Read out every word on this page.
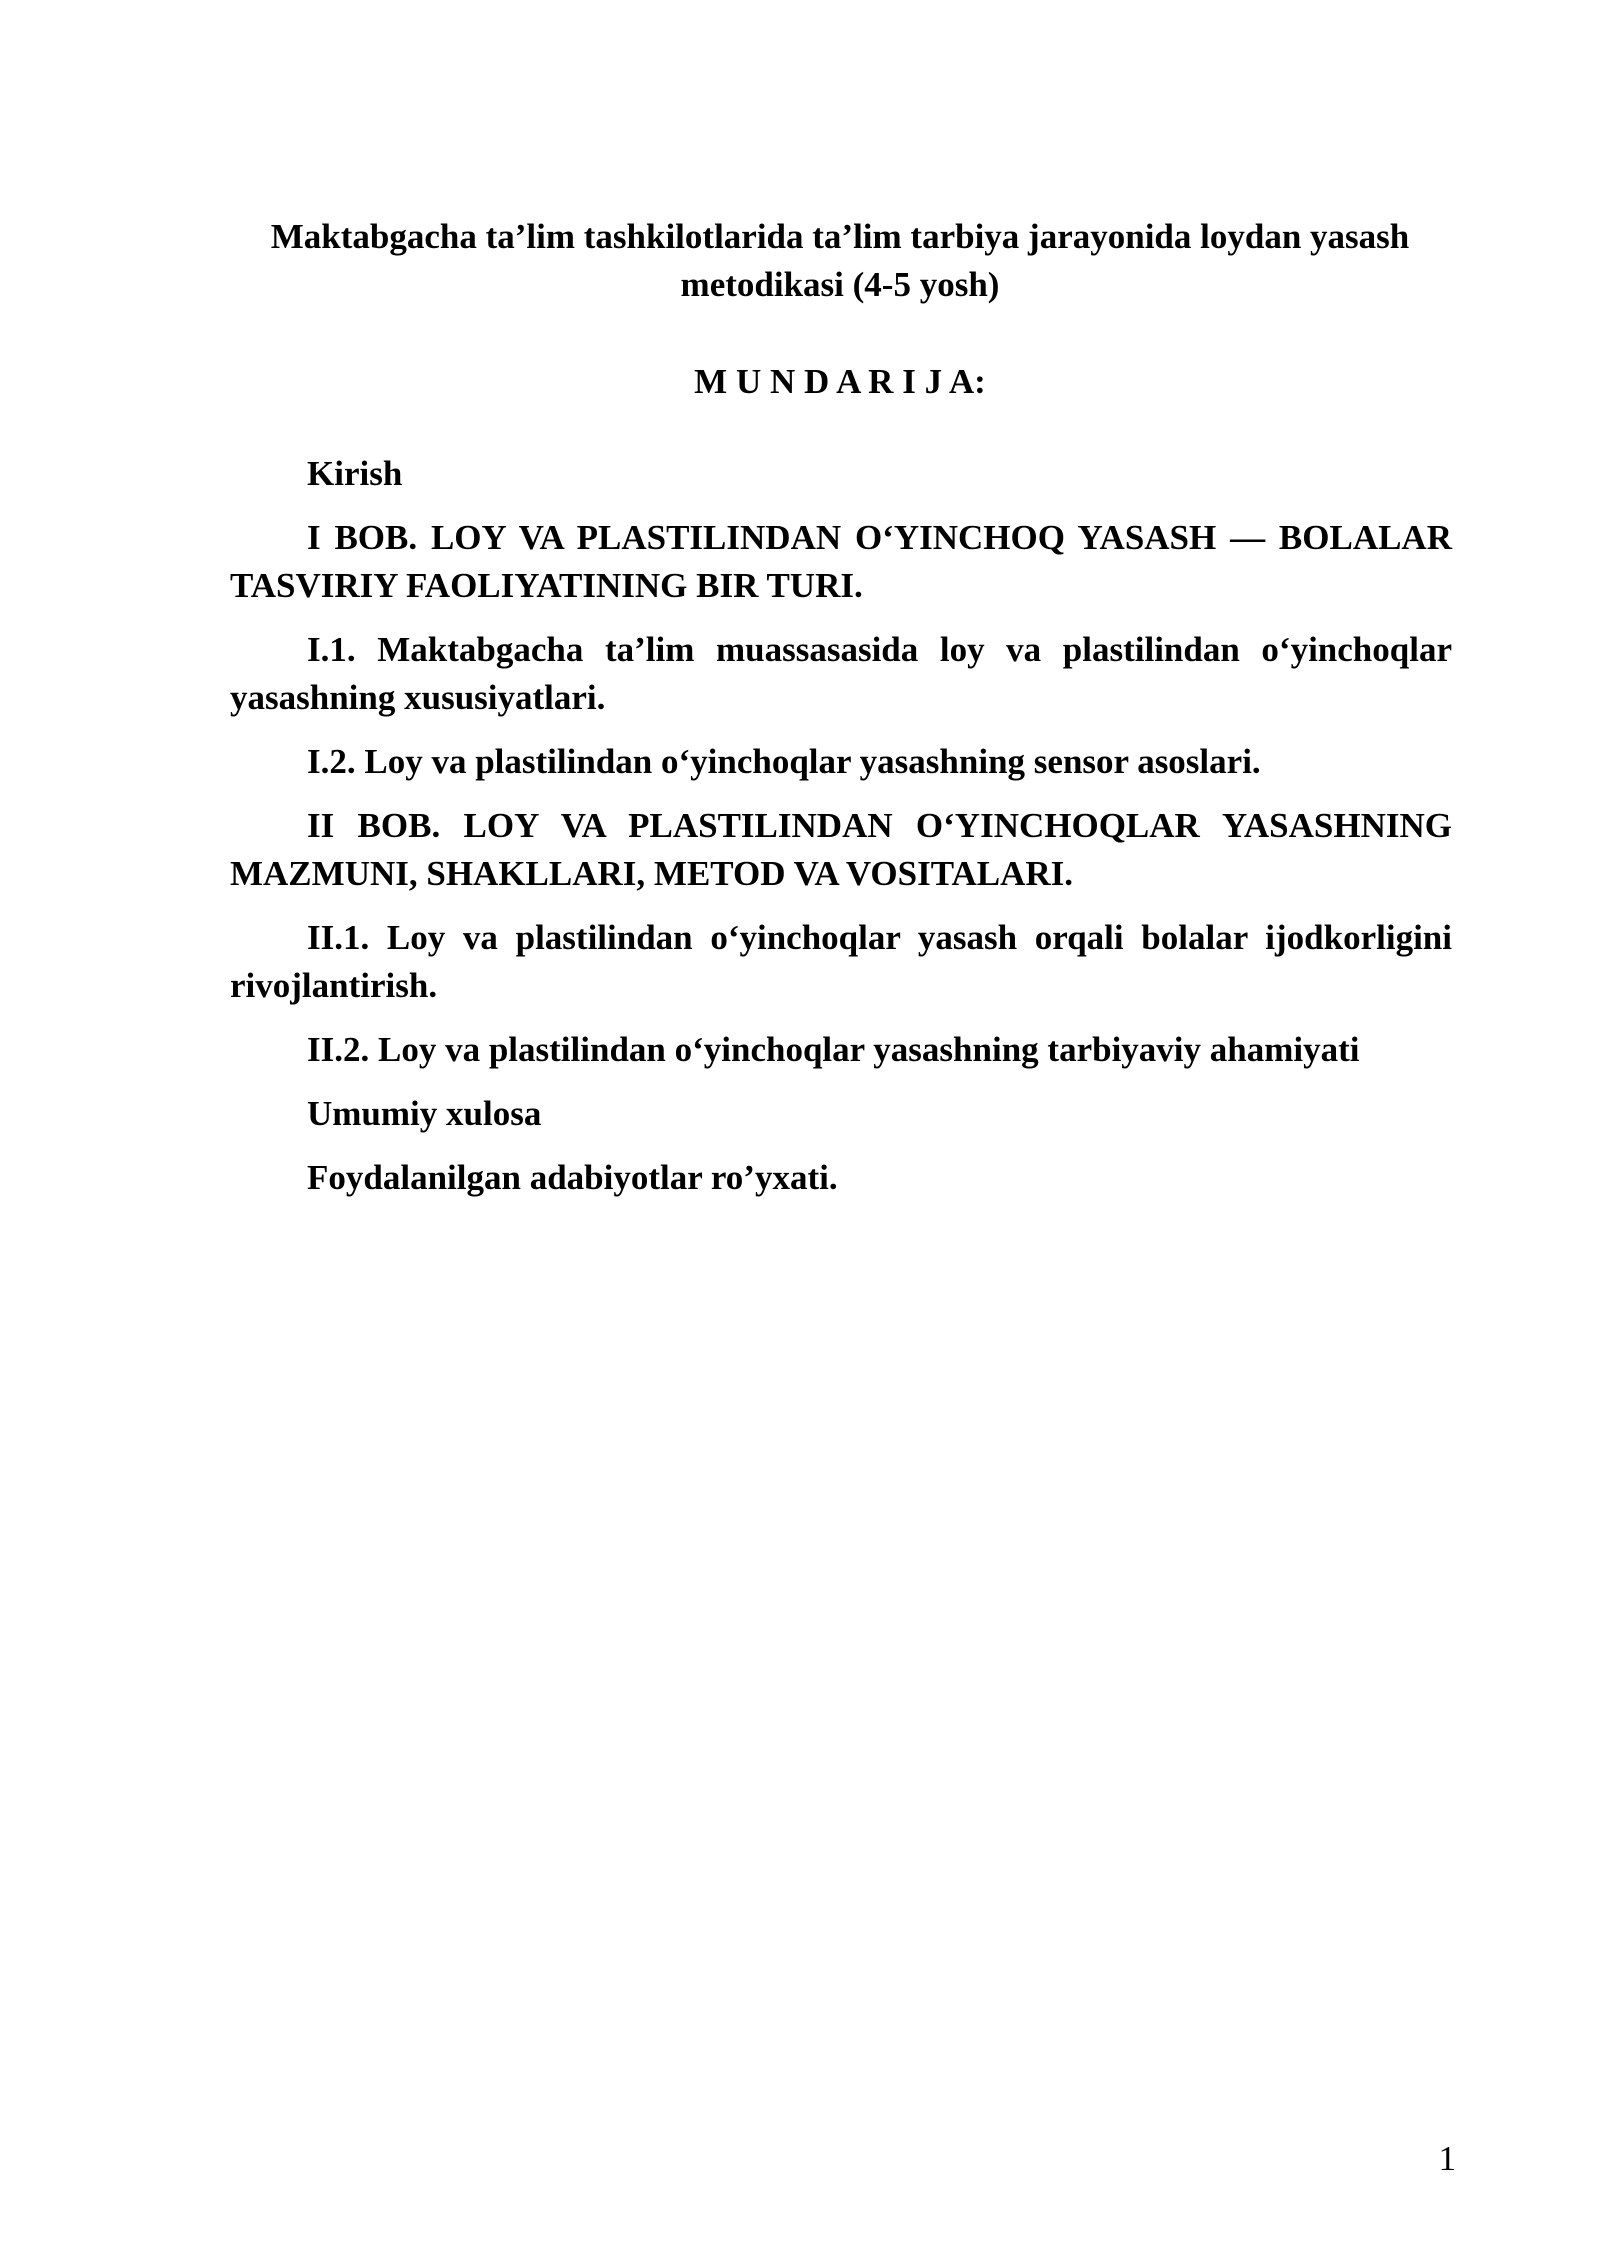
Maktabgacha ta’lim tashkilotlarida ta’lim tarbiya jarayonida loydan yasash metodikasi (4-5 yosh)
M U N D A R I J A:

Kirish

I BOB. LOY VA PLASTILINDAN O‘YINCHOQ YASASH — BOLALAR TASVIRIY FAOLIYATINING BIR TURI.

I.1. Maktabgacha ta’lim muassasasida loy va plastilindan o‘yinchoqlar yasashning xususiyatlari.

I.2. Loy va plastilindan o‘yinchoqlar yasashning sensor asoslari.

II BOB. LOY VA PLASTILINDAN O‘YINCHOQLAR YASASHNING MAZMUNI, SHAKLLARI, METOD VA VOSITALARI.

II.1. Loy va plastilindan o‘yinchoqlar yasash orqali bolalar ijodkorligini rivojlantirish.

II.2. Loy va plastilindan o‘yinchoqlar yasashning tarbiyaviy ahamiyati

Umumiy xulosa

Foydalanilgan adabiyotlar ro’yxati.

1
